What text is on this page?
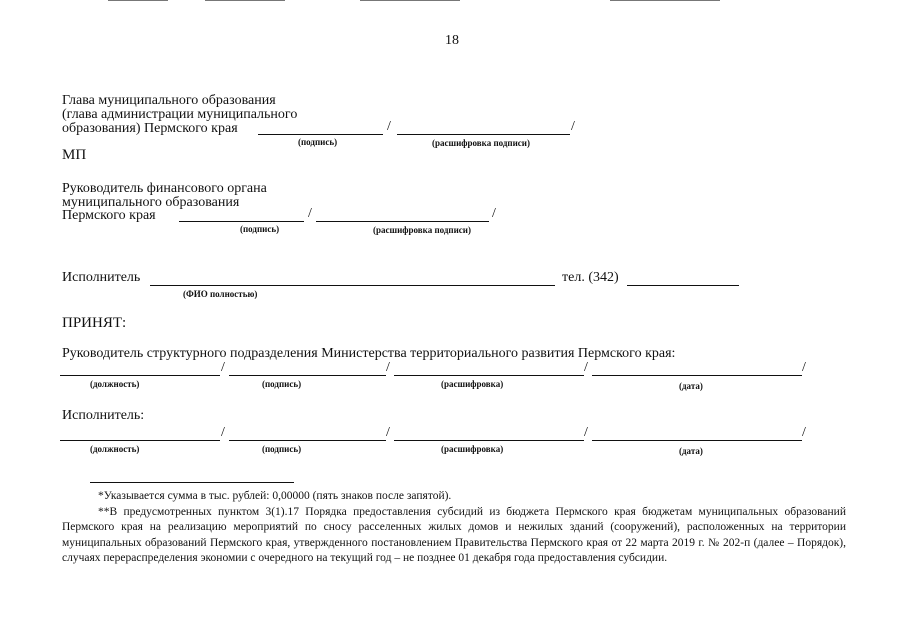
18
Глава муниципального образования
(глава администрации муниципального
образования) Пермского края	/	/
(подпись)	(расшифровка подписи)
МП
Руководитель финансового органа
муниципального образования
Пермского края	/	/
(подпись)	(расшифровка подписи)
Исполнитель	тел. (342)
(ФИО полностью)
ПРИНЯТ:
Руководитель структурного подразделения Министерства территориального развития Пермского края:
/	/	/	/
(должность)	(подпись)	(расшифровка)	(дата)
Исполнитель:
/	/	/	/
(должность)	(подпись)	(расшифровка)	(дата)

*Указывается сумма в тыс. рублей: 0,00000 (пять знаков после запятой).

**В предусмотренных пунктом 3(1).17 Порядка предоставления субсидий из бюджета Пермского края бюджетам муниципальных образований Пермского края на реализацию мероприятий по сносу расселенных жилых домов и нежилых зданий (сооружений), расположенных на территории муниципальных образований Пермского края, утвержденного постановлением Правительства Пермского края от 22 марта 2019 г. № 202-п (далее – Порядок), случаях перераспределения экономии с очередного на текущий год – не позднее 01 декабря года предоставления субсидии.
